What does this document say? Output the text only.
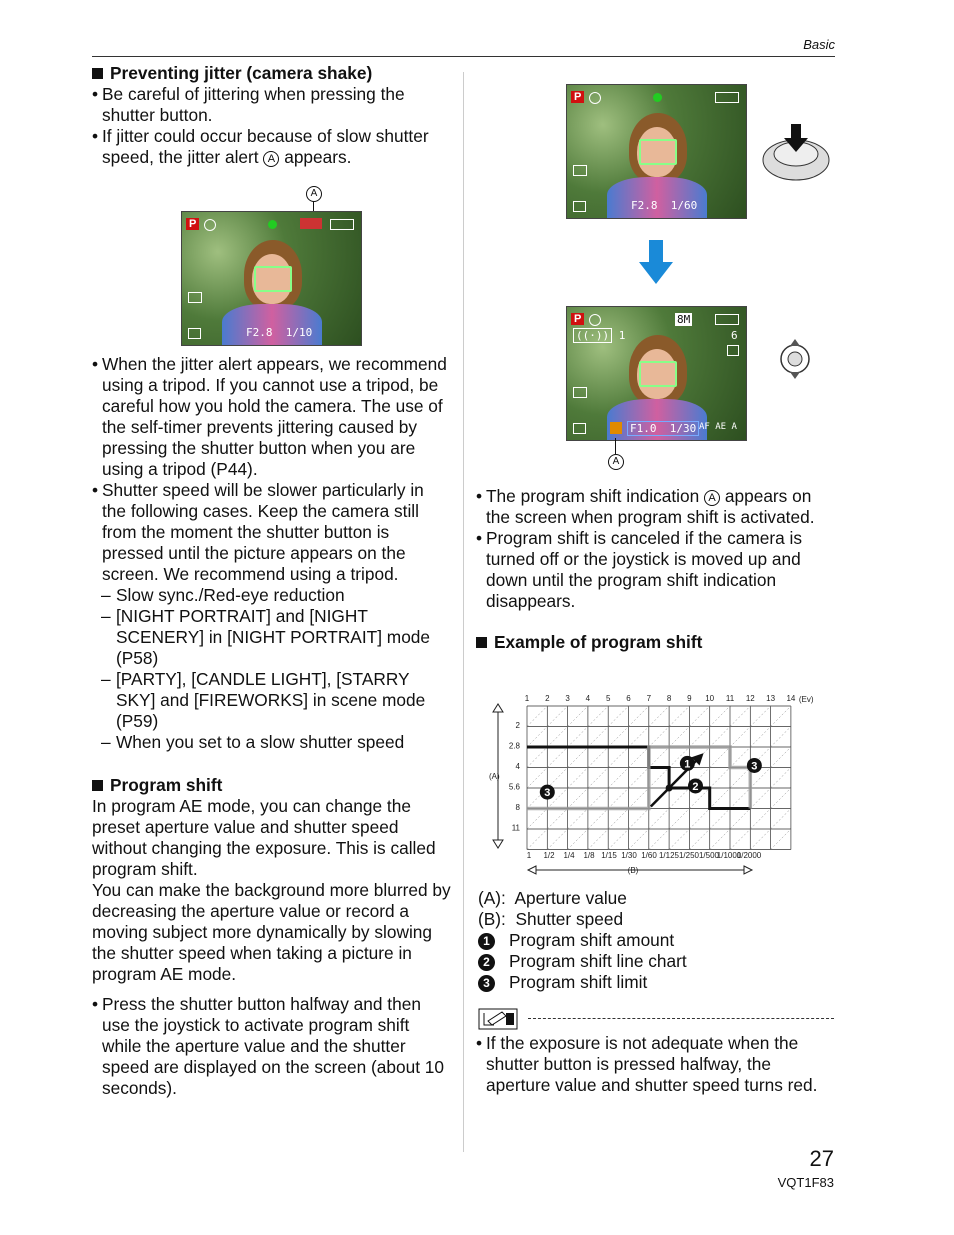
Basic
Preventing jitter (camera shake)
• Be careful of jittering when pressing the shutter button.
• If jitter could occur because of slow shutter speed, the jitter alert A appears.
A
P
F2.8 1/10
• When the jitter alert appears, we recommend using a tripod. If you cannot use a tripod, be careful how you hold the camera. The use of the self-timer prevents jittering caused by pressing the shutter button when you are using a tripod (P44).
• Shutter speed will be slower particularly in the following cases. Keep the camera still from the moment the shutter button is pressed until the picture appears on the screen. We recommend using a tripod.
– Slow sync./Red-eye reduction
– [NIGHT PORTRAIT] and [NIGHT SCENERY] in [NIGHT PORTRAIT] mode (P58)
– [PARTY], [CANDLE LIGHT], [STARRY SKY] and [FIREWORKS] in scene mode (P59)
– When you set to a slow shutter speed
Program shift
In program AE mode, you can change the preset aperture value and shutter speed without changing the exposure. This is called program shift.
You can make the background more blurred by decreasing the aperture value or record a moving subject more dynamically by slowing the shutter speed when taking a picture in program AE mode.
• Press the shutter button halfway and then use the joystick to activate program shift while the aperture value and the shutter speed are displayed on the screen (about 10 seconds).
P
F2.8 1/60
P
((·)) 1
8M
6
F1.0 1/30 AF AE A
A
• The program shift indication A appears on the screen when program shift is activated.
• Program shift is canceled if the camera is turned off or the joystick is moved up and down until the program shift indication disappears.
Example of program shift
1 2 3 4 5 6 7 8 9 10 11 12 13 14 (Ev)
2
2.8
4
5.6
8
11
(A)
1 1/2 1/4 1/8 1/15 1/30 1/60 1/125 1/250 1/500
1/1000
1/2000
(B)
1
2
3
3
(A): Aperture value
(B): Shutter speed
1 Program shift amount
2 Program shift line chart
3 Program shift limit
• If the exposure is not adequate when the shutter button is pressed halfway, the aperture value and shutter speed turns red.
27
VQT1F83
